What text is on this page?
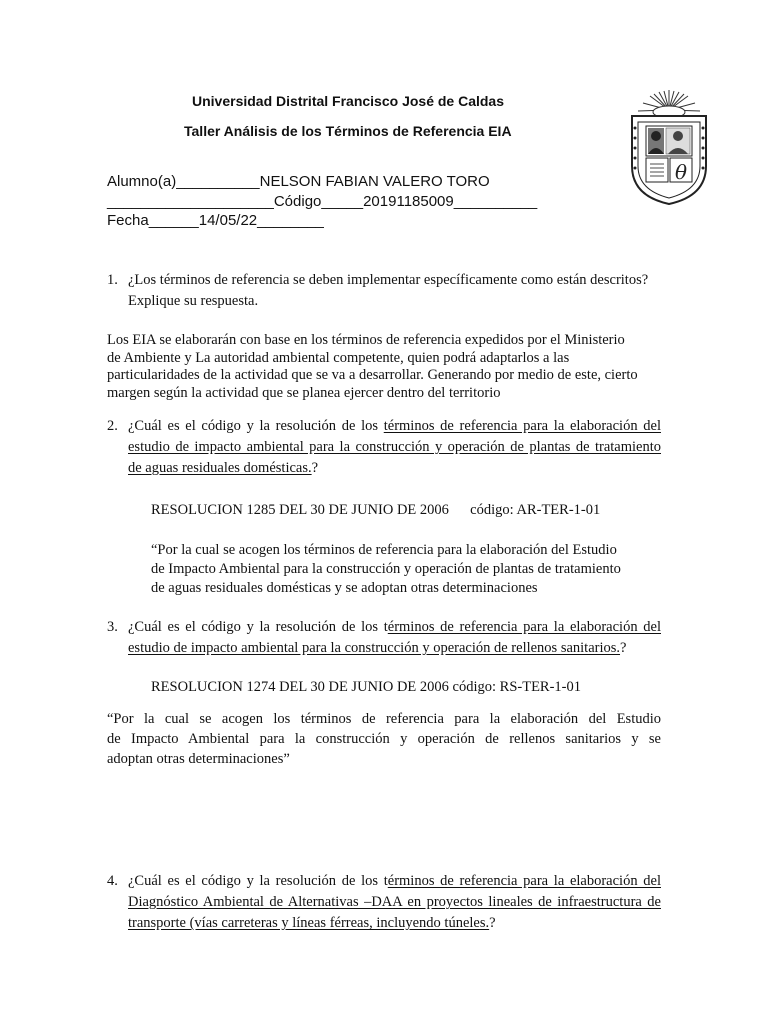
Universidad Distrital Francisco José de Caldas
Taller Análisis de los Términos de Referencia EIA
θ
Alumno(a)__________NELSON FABIAN VALERO TORO
____________________Código_____20191185009__________
Fecha______14/05/22________
1. ¿Los términos de referencia se deben implementar específicamente como están descritos?
Explique su respuesta.
Los EIA se elaborarán con base en los términos de referencia expedidos por el Ministerio
de Ambiente y La autoridad ambiental competente, quien podrá adaptarlos a las
particularidades de la actividad que se va a desarrollar. Generando por medio de este, cierto
margen según la actividad que se planea ejercer dentro del territorio
2. ¿Cuál es el código y la resolución de los términos de referencia para la elaboración del
estudio de impacto ambiental para la construcción y operación de plantas de tratamiento
de aguas residuales domésticas.?
RESOLUCION 1285 DEL 30 DE JUNIO DE 2006 código: AR-TER-1-01
“Por la cual se acogen los términos de referencia para la elaboración del Estudio
de Impacto Ambiental para la construcción y operación de plantas de tratamiento
de aguas residuales domésticas y se adoptan otras determinaciones
3. ¿Cuál es el código y la resolución de los términos de referencia para la elaboración del
estudio de impacto ambiental para la construcción y operación de rellenos sanitarios.?
RESOLUCION 1274 DEL 30 DE JUNIO DE 2006 código: RS-TER-1-01
“Por la cual se acogen los términos de referencia para la elaboración del Estudio
de Impacto Ambiental para la construcción y operación de rellenos sanitarios y se
adoptan otras determinaciones”
4. ¿Cuál es el código y la resolución de los términos de referencia para la elaboración del
Diagnóstico Ambiental de Alternativas –DAA en proyectos lineales de infraestructura de
transporte (vías carreteras y líneas férreas, incluyendo túneles.?
